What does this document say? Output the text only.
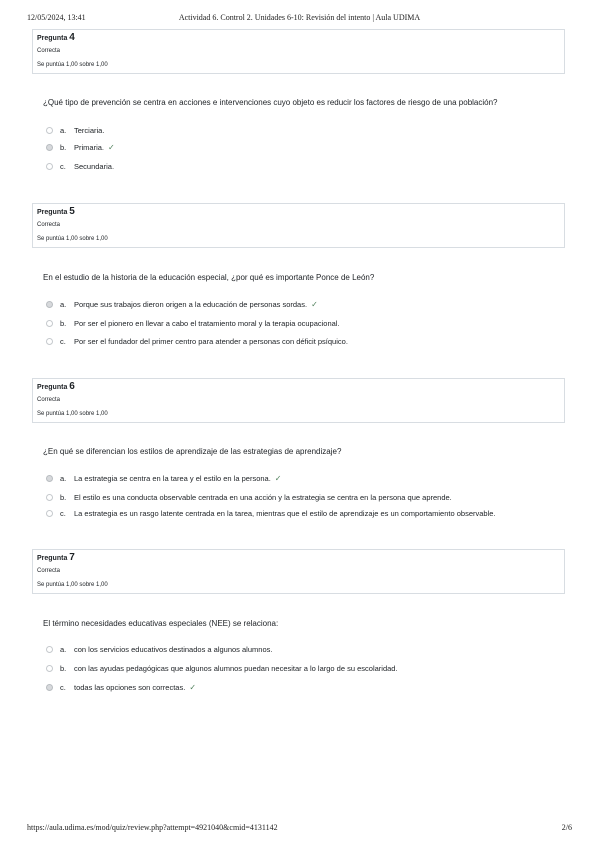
12/05/2024, 13:41	Actividad 6. Control 2. Unidades 6-10: Revisión del intento | Aula UDIMA
Pregunta 4
Correcta
Se puntúa 1,00 sobre 1,00
¿Qué tipo de prevención se centra en acciones e intervenciones cuyo objeto es reducir los factores de riesgo de una población?
a. Terciaria.
b. Primaria. ✓
c. Secundaria.
Pregunta 5
Correcta
Se puntúa 1,00 sobre 1,00
En el estudio de la historia de la educación especial, ¿por qué es importante Ponce de León?
a. Porque sus trabajos dieron origen a la educación de personas sordas. ✓
b. Por ser el pionero en llevar a cabo el tratamiento moral y la terapia ocupacional.
c. Por ser el fundador del primer centro para atender a personas con déficit psíquico.
Pregunta 6
Correcta
Se puntúa 1,00 sobre 1,00
¿En qué se diferencian los estilos de aprendizaje de las estrategias de aprendizaje?
a. La estrategia se centra en la tarea y el estilo en la persona. ✓
b. El estilo es una conducta observable centrada en una acción y la estrategia se centra en la persona que aprende.
c. La estrategia es un rasgo latente centrada en la tarea, mientras que el estilo de aprendizaje es un comportamiento observable.
Pregunta 7
Correcta
Se puntúa 1,00 sobre 1,00
El término necesidades educativas especiales (NEE) se relaciona:
a. con los servicios educativos destinados a algunos alumnos.
b. con las ayudas pedagógicas que algunos alumnos puedan necesitar a lo largo de su escolaridad.
c. todas las opciones son correctas. ✓
https://aula.udima.es/mod/quiz/review.php?attempt=4921040&cmid=4131142	2/6
